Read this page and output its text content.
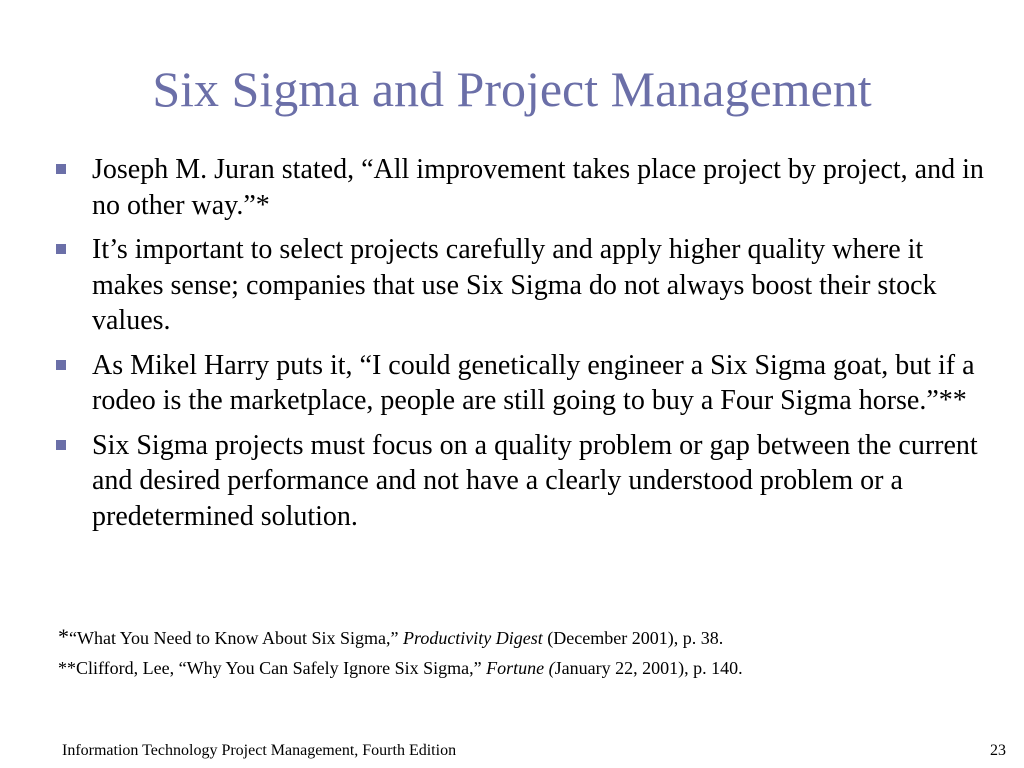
Six Sigma and Project Management
Joseph M. Juran stated, “All improvement takes place project by project, and in no other way.”*
It’s important to select projects carefully and apply higher quality where it makes sense; companies that use Six Sigma do not always boost their stock values.
As Mikel Harry puts it, “I could genetically engineer a Six Sigma goat, but if a rodeo is the marketplace, people are still going to buy a Four Sigma horse.”**
Six Sigma projects must focus on a quality problem or gap between the current and desired performance and not have a clearly understood problem or a predetermined solution.
*“What You Need to Know About Six Sigma,” Productivity Digest (December 2001), p. 38.
**Clifford, Lee, “Why You Can Safely Ignore Six Sigma,” Fortune (January 22, 2001), p. 140.
Information Technology Project Management, Fourth Edition	23
